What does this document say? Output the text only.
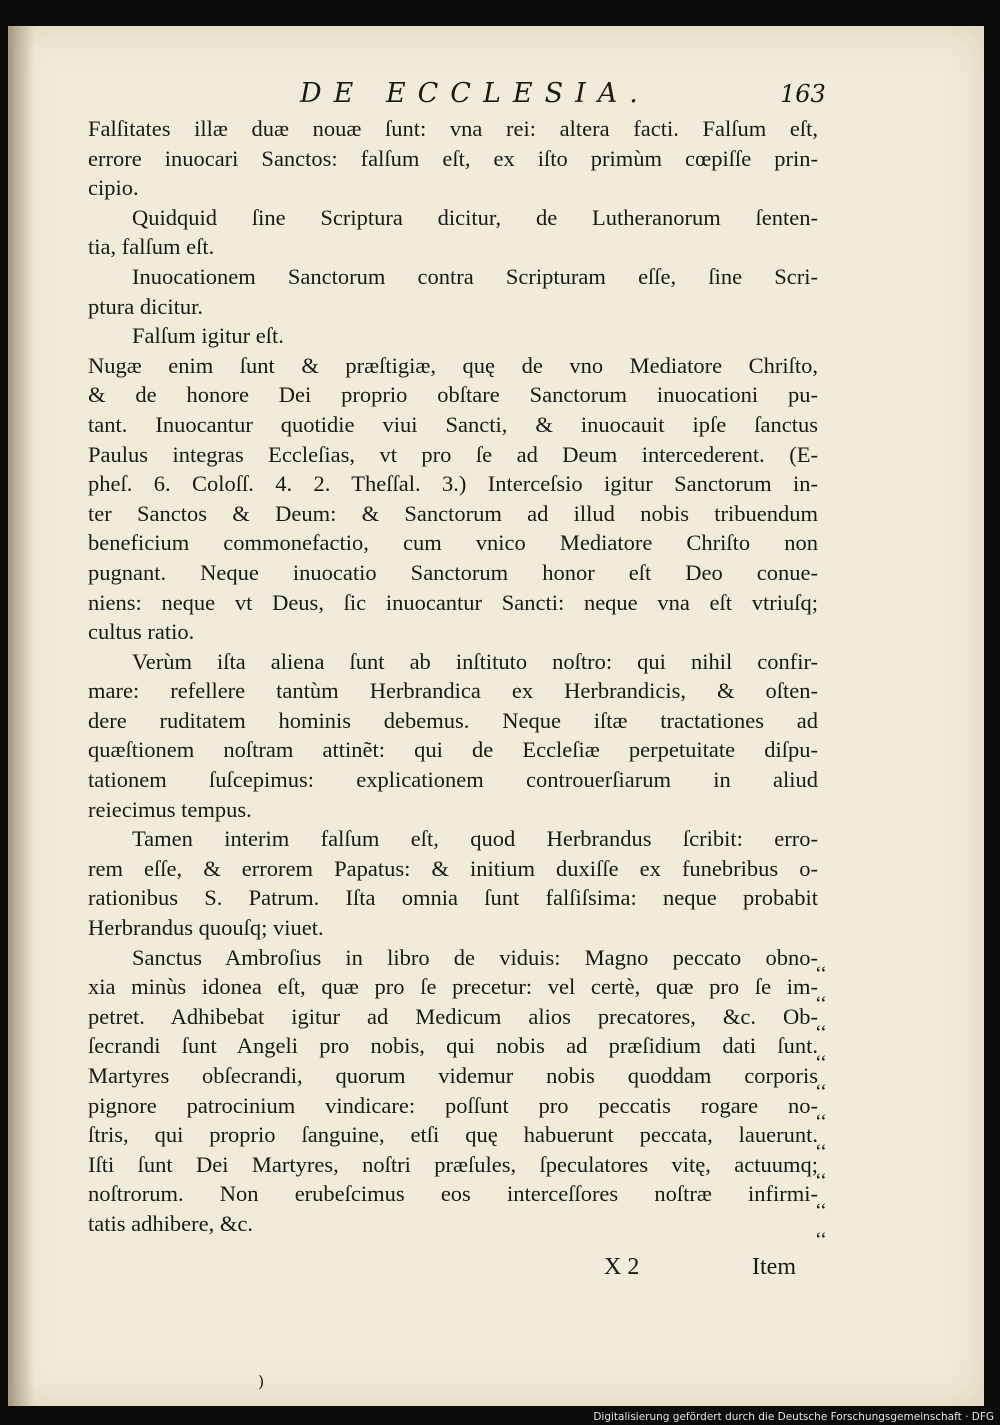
DE ECCLESIA.	163
Falſitates illæ duæ nouæ ſunt: vna rei: altera facti. Falſum eſt,
errore inuocari Sanctos: falſum eſt, ex iſto primùm cœpiſſe prin-
cipio.
Quidquid ſine Scriptura dicitur, de Lutheranorum ſenten-
tia, falſum eſt.
Inuocationem Sanctorum contra Scripturam eſſe, ſine Scri-
ptura dicitur.
Falſum igitur eſt.
Nugæ enim ſunt & præſtigiæ, quę de vno Mediatore Chriſto,
& de honore Dei proprio obſtare Sanctorum inuocationi pu-
tant. Inuocantur quotidie viui Sancti, & inuocauit ipſe ſanctus
Paulus integras Eccleſias, vt pro ſe ad Deum intercederent. (E-
pheſ. 6. Coloſſ. 4. 2. Theſſal. 3.) Interceſsio igitur Sanctorum in-
ter Sanctos & Deum: & Sanctorum ad illud nobis tribuendum
beneficium commonefactio, cum vnico Mediatore Chriſto non
pugnant. Neque inuocatio Sanctorum honor eſt Deo conue-
niens: neque vt Deus, ſic inuocantur Sancti: neque vna eſt vtriuſq;
cultus ratio.
Verùm iſta aliena ſunt ab inſtituto noſtro: qui nihil confir-
mare: refellere tantùm Herbrandica ex Herbrandicis, & oſten-
dere ruditatem hominis debemus. Neque iſtæ tractationes ad
quæſtionem noſtram attinẽt: qui de Eccleſiæ perpetuitate diſpu-
tationem ſuſcepimus: explicationem controuerſiarum in aliud
reiecimus tempus.
Tamen interim falſum eſt, quod Herbrandus ſcribit: erro-
rem eſſe, & errorem Papatus: & initium duxiſſe ex funebribus o-
rationibus S. Patrum. Iſta omnia ſunt falſiſsima: neque probabit
Herbrandus quouſq; viuet.
Sanctus Ambroſius in libro de viduis: Magno peccato obno-
xia minùs idonea eſt, quæ pro ſe precetur: vel certè, quæ pro ſe im-
petret. Adhibebat igitur ad Medicum alios precatores, &c. Ob-
ſecrandi ſunt Angeli pro nobis, qui nobis ad præſidium dati ſunt.
Martyres obſecrandi, quorum videmur nobis quoddam corporis
pignore patrocinium vindicare: poſſunt pro peccatis rogare no-
ſtris, qui proprio ſanguine, etſi quę habuerunt peccata, lauerunt.
Iſti ſunt Dei Martyres, noſtri præſules, ſpeculatores vitę, actuumq;
noſtrorum. Non erubeſcimus eos interceſſores noſtræ infirmi-
tatis adhibere, &c.
‘‘
‘‘
‘‘
‘‘
‘‘
‘‘
‘‘
‘‘
‘‘
‘‘
X 2	Item
)
Digitalisierung gefördert durch die Deutsche Forschungsgemeinschaft · DFG
